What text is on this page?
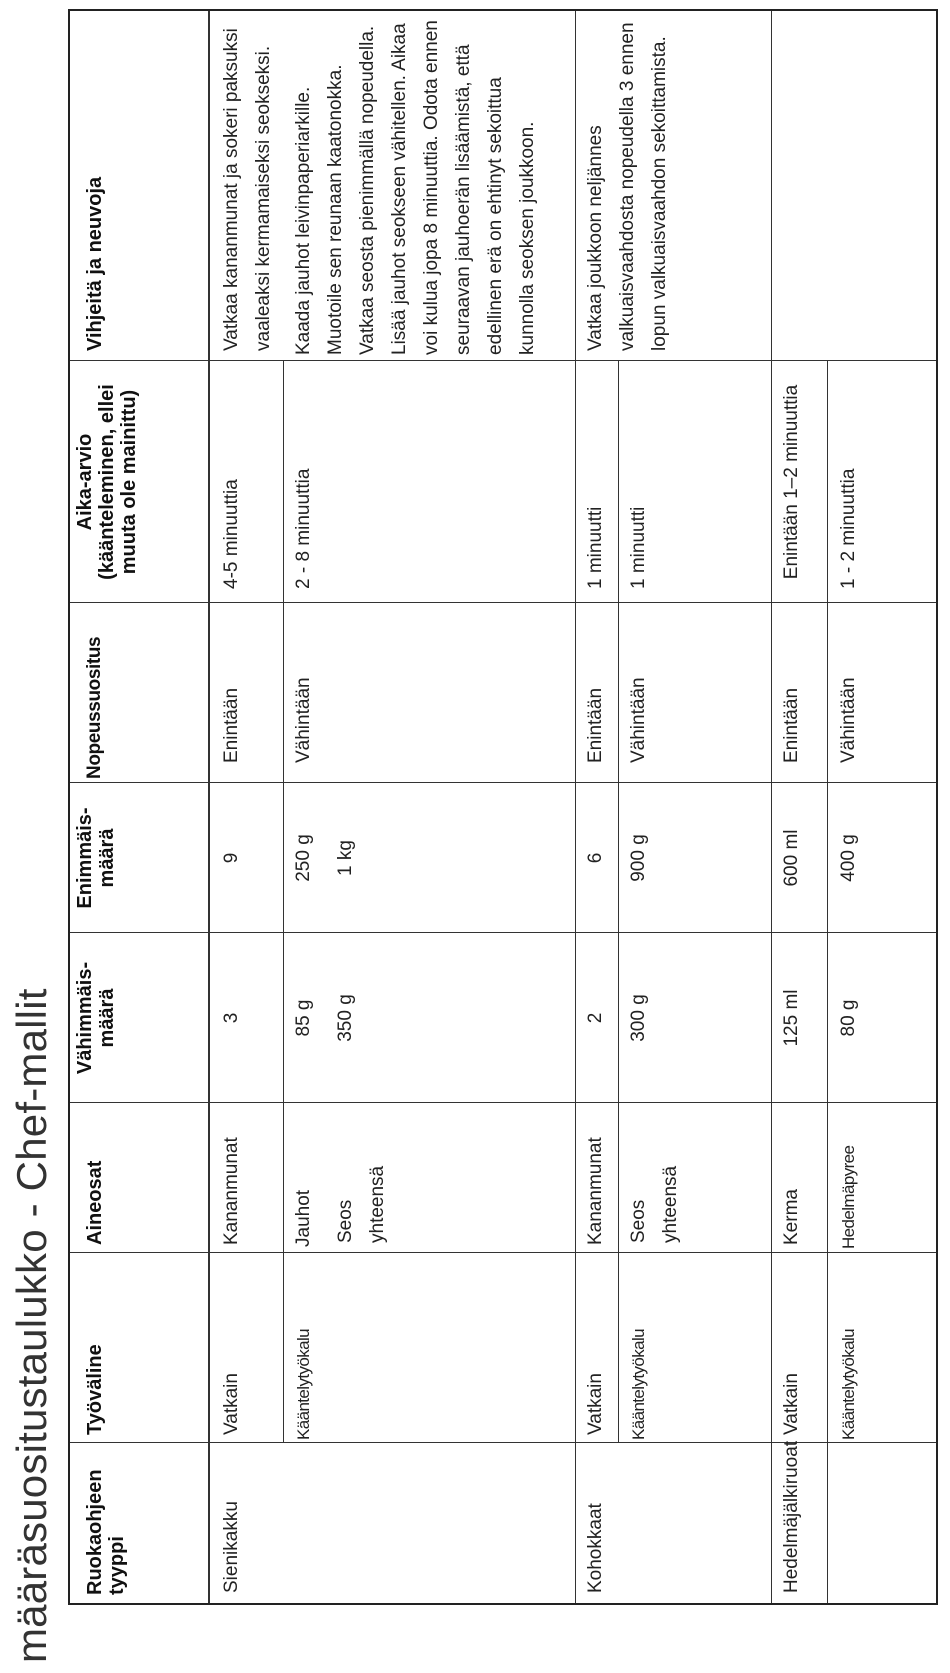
määräsuositustaulukko - Chef-mallit Ruokaohjeen tyyppi
Työväline
Aineosat
Vähimmäis-määrä
Enimmäis-määrä
Nopeussuositus
Aika-arvio (kääntelеminen, ellei muuta ole mainittu)
Vihjeitä ja neuvoja
Sienikakku
Vatkain
Kananmunat
3
9
Enintään
4-5 minuuttia
Vatkaa kananmunat ja sokeri paksuksi vaaleaksi kermamaiseksi seokseksi.
Kääntelytyökalu
Jauhot
85 g
250 g
Seos yhteensä
350 g
1 kg
Vähintään
2 - 8 minuuttia
Kaada jauhot leivinpaperiarkille. Muotoile sen reunaan kaatonokka. Vatkaa seosta pienimmällä nopeudella. Lisää jauhot seokseen vähitellen. Aikaa voi kulua jopa 8 minuuttia. Odota ennen seuraavan jauhoerän lisäämistä, että edellinen erä on ehtinyt sekoittua kunnolla seoksen joukkoon.
Kohokkaat
Vatkain
Kananmunat
2
6
Enintään
1 minuutti
Kääntelytyökalu
Seos yhteensä
300 g
900 g
Vähintään
1 minuutti
Vatkaa joukkoon neljännes valkuaisvaahdosta nopeudella 3 ennen lopun valkuaisvaahdon sekoittamista.
Hedelmäjälkiruoat
Vatkain
Kerma
125 ml
600 ml
Enintään
Enintään 1–2 minuuttia
Kääntelytyökalu
Hedelmäpyree
80 g
400 g
Vähintään
1 - 2 minuuttia
